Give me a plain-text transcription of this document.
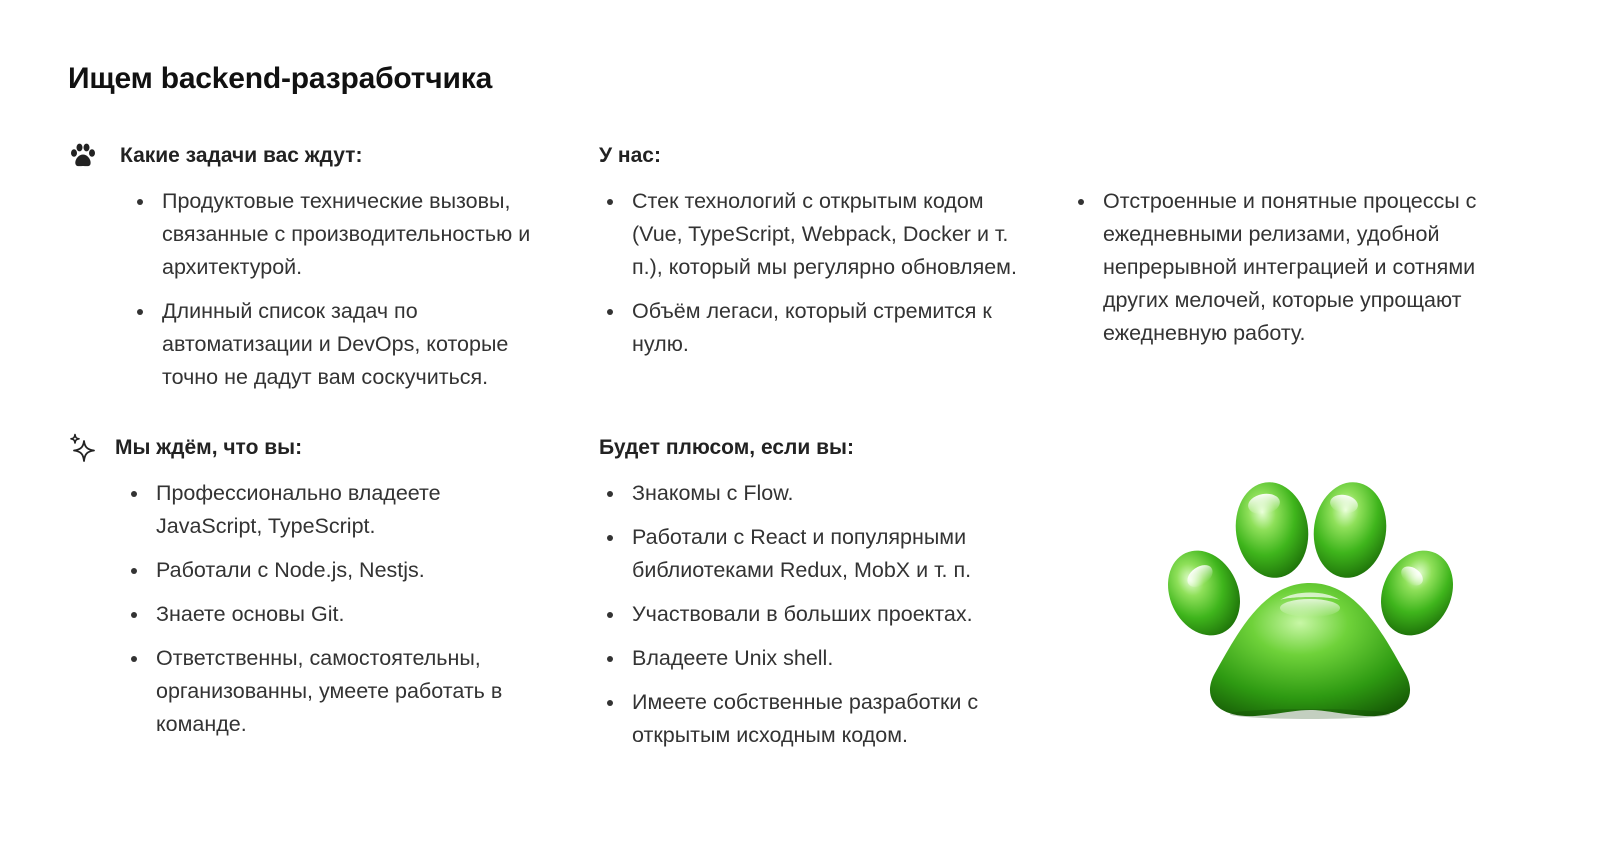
Ищем backend-разработчика
Какие задачи вас ждут:
Продуктовые технические вызовы, связанные с производительностью и архитектурой.
Длинный список задач по автоматизации и DevOps, которые точно не дадут вам соскучиться.
У нас:
Стек технологий с открытым кодом (Vue, TypeScript, Webpack, Docker и т. п.), который мы регулярно обновляем.
Объём легаси, который стремится к нулю.
Отстроенные и понятные процессы с ежедневными релизами, удобной непрерывной интеграцией и сотнями других мелочей, которые упрощают ежедневную работу.
Мы ждём, что вы:
Профессионально владеете JavaScript, TypeScript.
Работали с Node.js, Nestjs.
Знаете основы Git.
Ответственны, самостоятельны, организованны, умеете работать в команде.
Будет плюсом, если вы:
Знакомы с Flow.
Работали с React и популярными библиотеками Redux, MobX и т. п.
Участвовали в больших проектах.
Владеете Unix shell.
Имеете собственные разработки с открытым исходным кодом.
